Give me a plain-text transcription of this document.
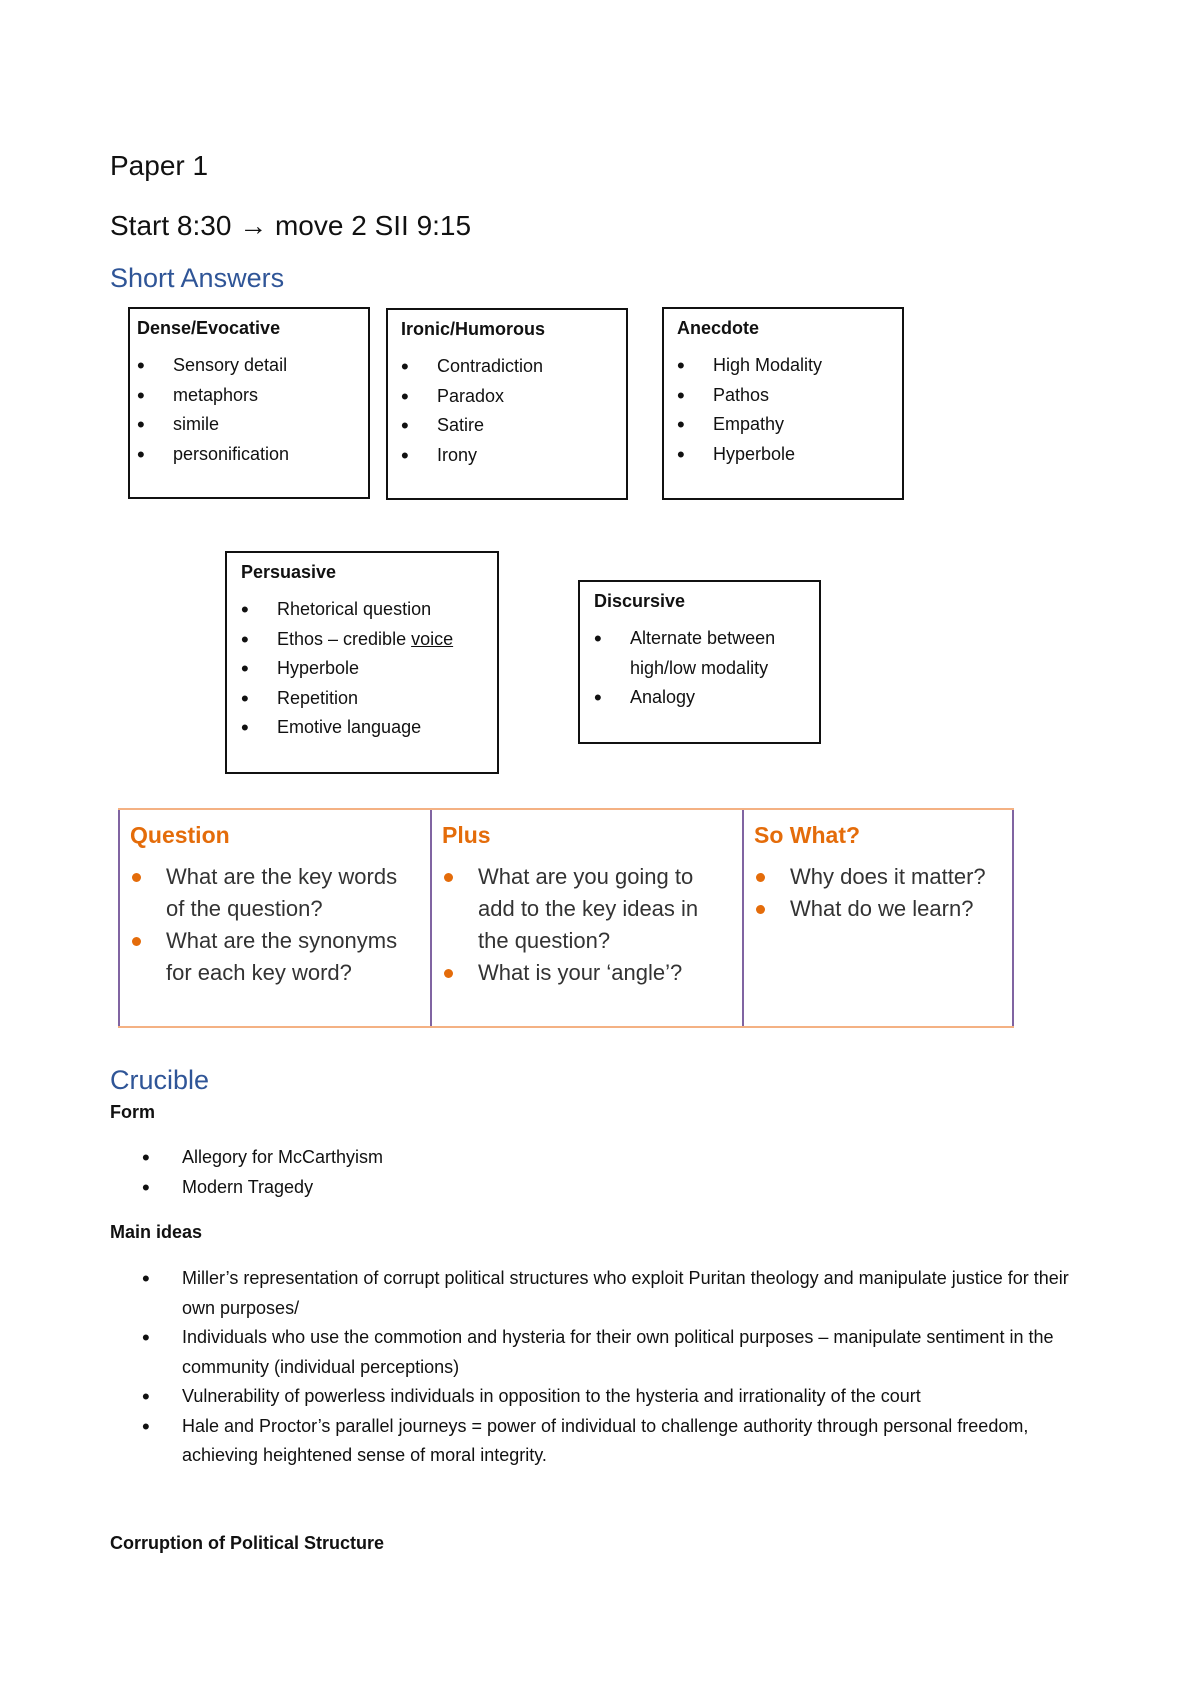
Paper 1
Start 8:30 → move 2 SII 9:15
Short Answers
Dense/Evocative
• Sensory detail
• metaphors
• simile
• personification
Ironic/Humorous
• Contradiction
• Paradox
• Satire
• Irony
Anecdote
• High Modality
• Pathos
• Empathy
• Hyperbole
Persuasive
• Rhetorical question
• Ethos – credible voice
• Hyperbole
• Repetition
• Emotive language
Discursive
• Alternate between high/low modality
• Analogy
Question
What are the key words of the question?
What are the synonyms for each key word?
Plus
What are you going to add to the key ideas in the question?
What is your ‘angle’?
So What?
Why does it matter?
What do we learn?
Crucible
Form
• Allegory for McCarthyism
• Modern Tragedy
Main ideas
• Miller’s representation of corrupt political structures who exploit Puritan theology and manipulate justice for their own purposes/
• Individuals who use the commotion and hysteria for their own political purposes – manipulate sentiment in the community (individual perceptions)
• Vulnerability of powerless individuals in opposition to the hysteria and irrationality of the court
• Hale and Proctor’s parallel journeys = power of individual to challenge authority through personal freedom, achieving heightened sense of moral integrity.
Corruption of Political Structure
